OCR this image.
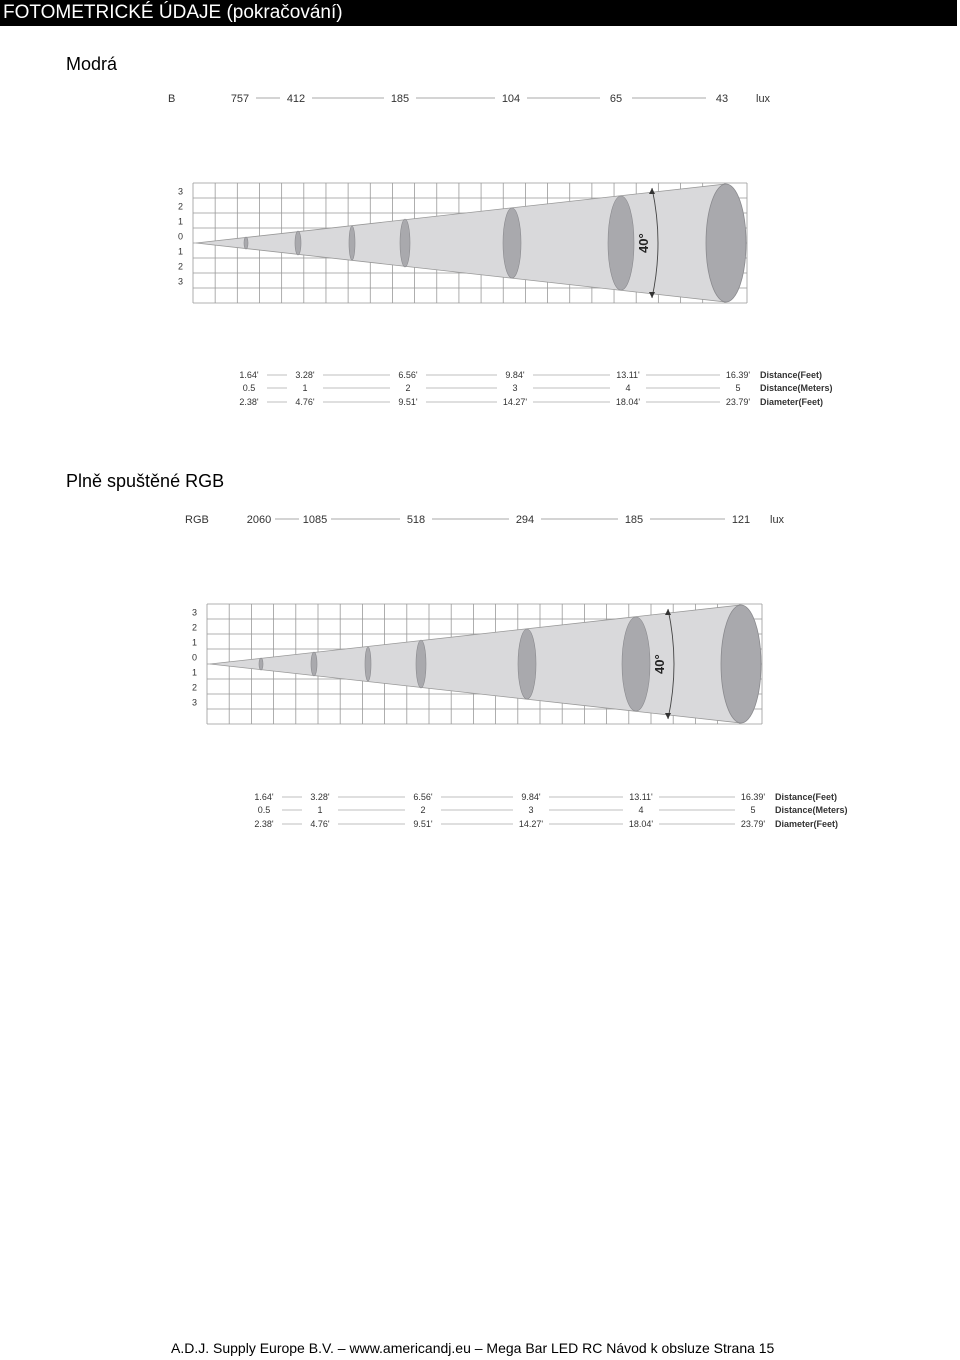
FOTOMETRICKÉ ÚDAJE (pokračování)
Modrá
B	757	412	185	104	65	43	lux
3
2
1
0
1
2
3
40°
1.64'	3.28'	6.56'	9.84'	13.11'	16.39' Distance(Feet)
0.5	1	2	3	4	5 Distance(Meters)
2.38'	4.76'	9.51'	14.27'	18.04'	23.79' Diameter(Feet)
Plně spuštěné RGB
RGB	2060	1085	518	294	185	121 lux
3
2
1
0
1
2
3
40°
1.64'	3.28'	6.56'	9.84'	13.11'	16.39' Distance(Feet)
0.5	1	2	3	4	5 Distance(Meters)
2.38'	4.76'	9.51'	14.27'	18.04'	23.79' Diameter(Feet)
A.D.J. Supply Europe B.V. – www.americandj.eu – Mega Bar LED RC Návod k obsluze Strana 15
